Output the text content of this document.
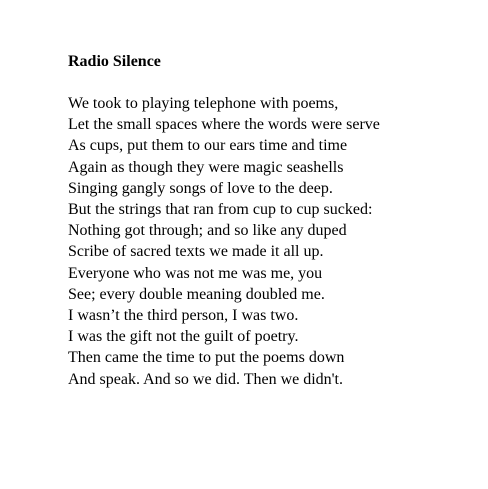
Radio Silence
We took to playing telephone with poems,
Let the small spaces where the words were serve
As cups, put them to our ears time and time
Again as though they were magic seashells
Singing gangly songs of love to the deep.
But the strings that ran from cup to cup sucked:
Nothing got through; and so like any duped
Scribe of sacred texts we made it all up.
Everyone who was not me was me, you
See; every double meaning doubled me.
I wasn’t the third person, I was two.
I was the gift not the guilt of poetry.
Then came the time to put the poems down
And speak. And so we did. Then we didn't.
